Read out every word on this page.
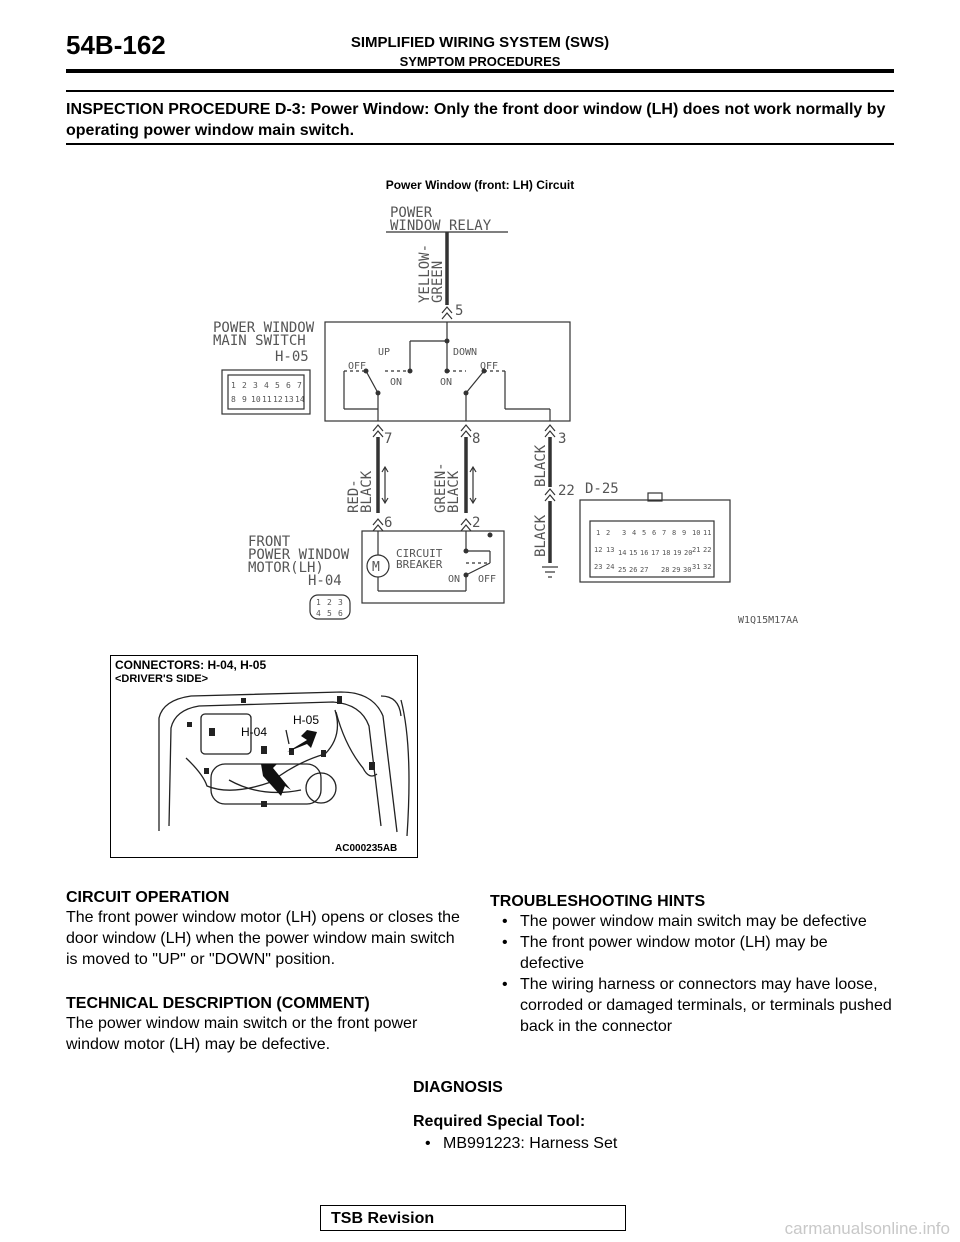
54B-162	SIMPLIFIED WIRING SYSTEM (SWS)
SYMPTOM PROCEDURES
INSPECTION PROCEDURE D-3: Power Window: Only the front door window (LH) does not work normally by operating power window main switch.
Power Window (front: LH) Circuit
POWER
WINDOW RELAY
YELLOW-
GREEN
5
POWER WINDOW
MAIN SWITCH
H-05	UP	DOWN
OFF
ON	ON
OFF
7	8	3
RED-
BLACK	GREEN-
BLACK
BLACK
BLACK
22 D-25
6	2
FRONT
POWER WINDOW
MOTOR(LH)
H-04
M
CIRCUIT
BREAKER
ON OFF
W1Q15M17AA
1 2 3 4 5 6 7
8 9 10 11 12 13 14
1 2 3
4 5 6
1 2 3 4 5 6 7 8 9 10 11
12 13 14 15 16 17 18 19 20 21 22
23 24 25 26 27 28 29 30 31 32
CONNECTORS: H-04, H-05
<DRIVER'S SIDE>
H-04
H-05
AC000235AB
CIRCUIT OPERATION
The front power window motor (LH) opens or closes the door window (LH) when the power window main switch is moved to "UP" or "DOWN" position.
TECHNICAL DESCRIPTION (COMMENT)
The power window main switch or the front power window motor (LH) may be defective.
TROUBLESHOOTING HINTS
• The power window main switch may be defective
• The front power window motor (LH) may be defective
• The wiring harness or connectors may have loose, corroded or damaged terminals, or terminals pushed back in the connector
DIAGNOSIS
Required Special Tool:
• MB991223: Harness Set
TSB Revision
carmanualsonline.info
